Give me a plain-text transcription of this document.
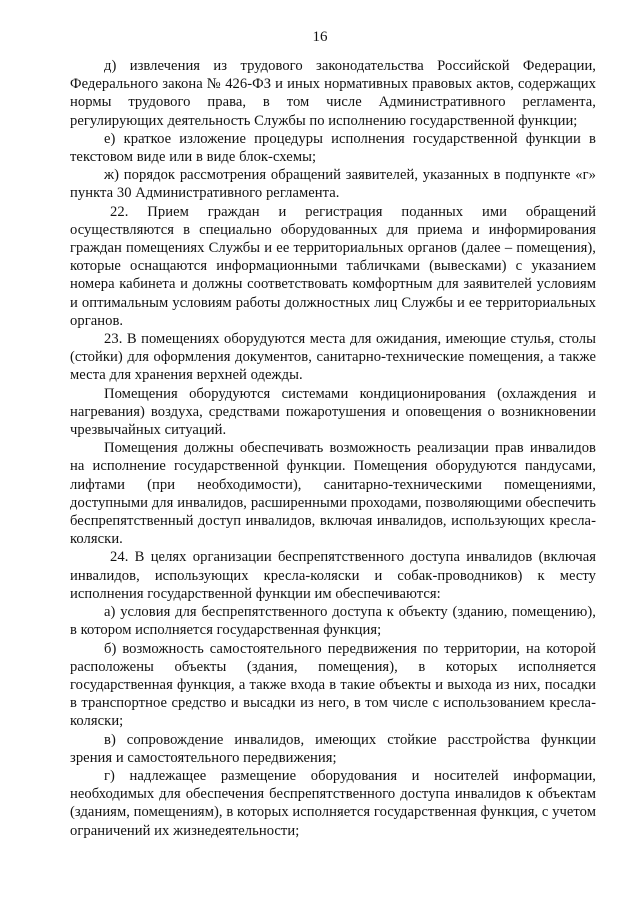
16

д) извлечения из трудового законодательства Российской Федерации, Федерального закона № 426-ФЗ и иных нормативных правовых актов, содержащих нормы трудового права, в том числе Административного регламента, регулирующих деятельность Службы по исполнению государственной функции;

е) краткое изложение процедуры исполнения государственной функции в текстовом виде или в виде блок-схемы;

ж) порядок рассмотрения обращений заявителей, указанных в подпункте «г» пункта 30 Административного регламента.

22. Прием граждан и регистрация поданных ими обращений осуществляются в специально оборудованных для приема и информирования граждан помещениях Службы и ее территориальных органов (далее – помещения), которые оснащаются информационными табличками (вывесками) с указанием номера кабинета и должны соответствовать комфортным для заявителей условиям и оптимальным условиям работы должностных лиц Службы и ее территориальных органов.

23. В помещениях оборудуются места для ожидания, имеющие стулья, столы (стойки) для оформления документов, санитарно-технические помещения, а также места для хранения верхней одежды.

Помещения оборудуются системами кондиционирования (охлаждения и нагревания) воздуха, средствами пожаротушения и оповещения о возникновении чрезвычайных ситуаций.

Помещения должны обеспечивать возможность реализации прав инвалидов на исполнение государственной функции. Помещения оборудуются пандусами, лифтами (при необходимости), санитарно-техническими помещениями, доступными для инвалидов, расширенными проходами, позволяющими обеспечить беспрепятственный доступ инвалидов, включая инвалидов, использующих кресла-коляски.

24. В целях организации беспрепятственного доступа инвалидов (включая инвалидов, использующих кресла-коляски и собак-проводников) к месту исполнения государственной функции им обеспечиваются:

а) условия для беспрепятственного доступа к объекту (зданию, помещению), в котором исполняется государственная функция;

б) возможность самостоятельного передвижения по территории, на которой расположены объекты (здания, помещения), в которых исполняется государственная функция, а также входа в такие объекты и выхода из них, посадки в транспортное средство и высадки из него, в том числе с использованием кресла-коляски;

в) сопровождение инвалидов, имеющих стойкие расстройства функции зрения и самостоятельного передвижения;

г) надлежащее размещение оборудования и носителей информации, необходимых для обеспечения беспрепятственного доступа инвалидов к объектам (зданиям, помещениям), в которых исполняется государственная функция, с учетом ограничений их жизнедеятельности;
